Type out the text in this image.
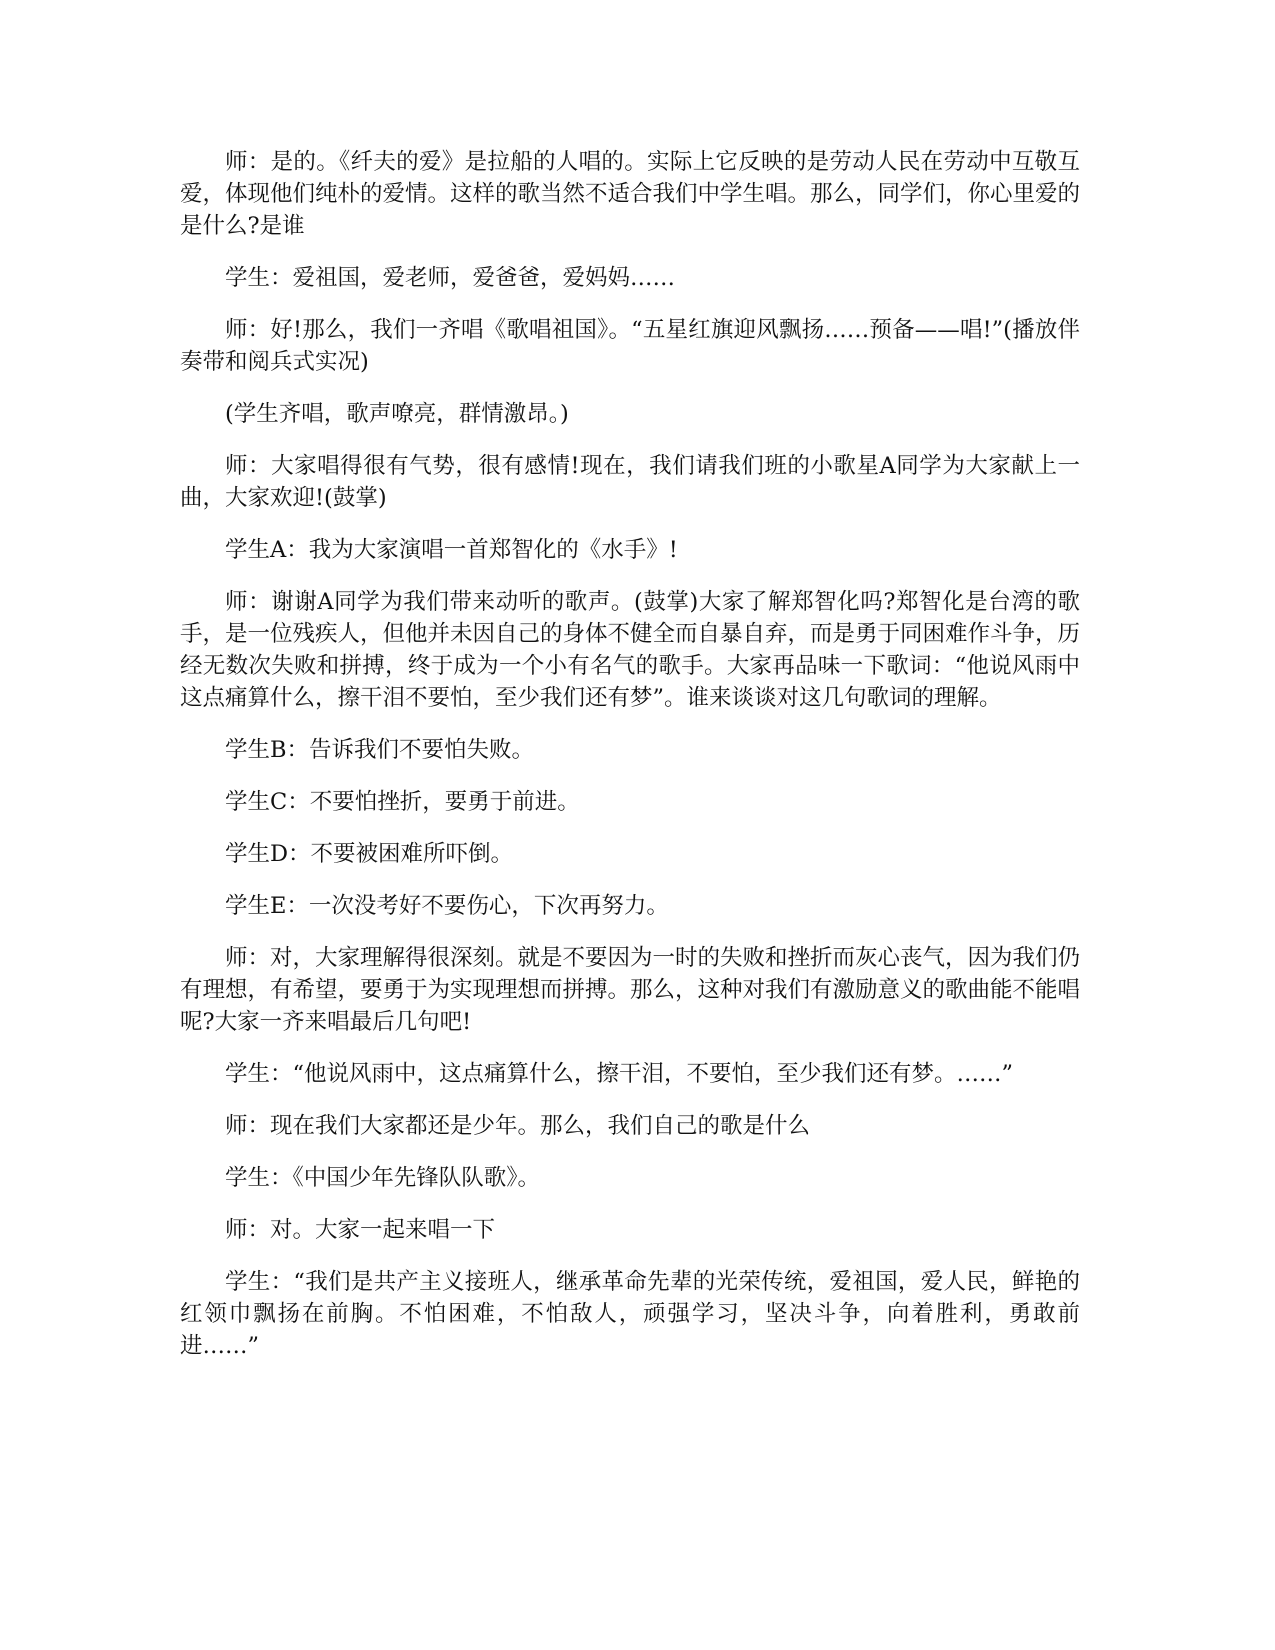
师：是的。《纤夫的爱》是拉船的人唱的。实际上它反映的是劳动人民在劳动中互敬互爱，体现他们纯朴的爱情。这样的歌当然不适合我们中学生唱。那么，同学们，你心里爱的是什么?是谁

学生：爱祖国，爱老师，爱爸爸，爱妈妈……

师：好!那么，我们一齐唱《歌唱祖国》。“五星红旗迎风飘扬……预备——唱!”(播放伴奏带和阅兵式实况)

(学生齐唱，歌声嘹亮，群情激昂。)

师：大家唱得很有气势，很有感情!现在，我们请我们班的小歌星A同学为大家献上一曲，大家欢迎!(鼓掌)

学生A：我为大家演唱一首郑智化的《水手》!

师：谢谢A同学为我们带来动听的歌声。(鼓掌)大家了解郑智化吗?郑智化是台湾的歌手，是一位残疾人，但他并未因自己的身体不健全而自暴自弃，而是勇于同困难作斗争，历经无数次失败和拼搏，终于成为一个小有名气的歌手。大家再品味一下歌词：“他说风雨中这点痛算什么，擦干泪不要怕，至少我们还有梦”。谁来谈谈对这几句歌词的理解。

学生B：告诉我们不要怕失败。

学生C：不要怕挫折，要勇于前进。

学生D：不要被困难所吓倒。

学生E：一次没考好不要伤心，下次再努力。

师：对，大家理解得很深刻。就是不要因为一时的失败和挫折而灰心丧气，因为我们仍有理想，有希望，要勇于为实现理想而拼搏。那么，这种对我们有激励意义的歌曲能不能唱呢?大家一齐来唱最后几句吧!

学生：“他说风雨中，这点痛算什么，擦干泪，不要怕，至少我们还有梦。……”

师：现在我们大家都还是少年。那么，我们自己的歌是什么

学生：《中国少年先锋队队歌》。

师：对。大家一起来唱一下

学生：“我们是共产主义接班人，继承革命先辈的光荣传统，爱祖国，爱人民，鲜艳的红领巾飘扬在前胸。不怕困难，不怕敌人，顽强学习，坚决斗争，向着胜利，勇敢前进……”
